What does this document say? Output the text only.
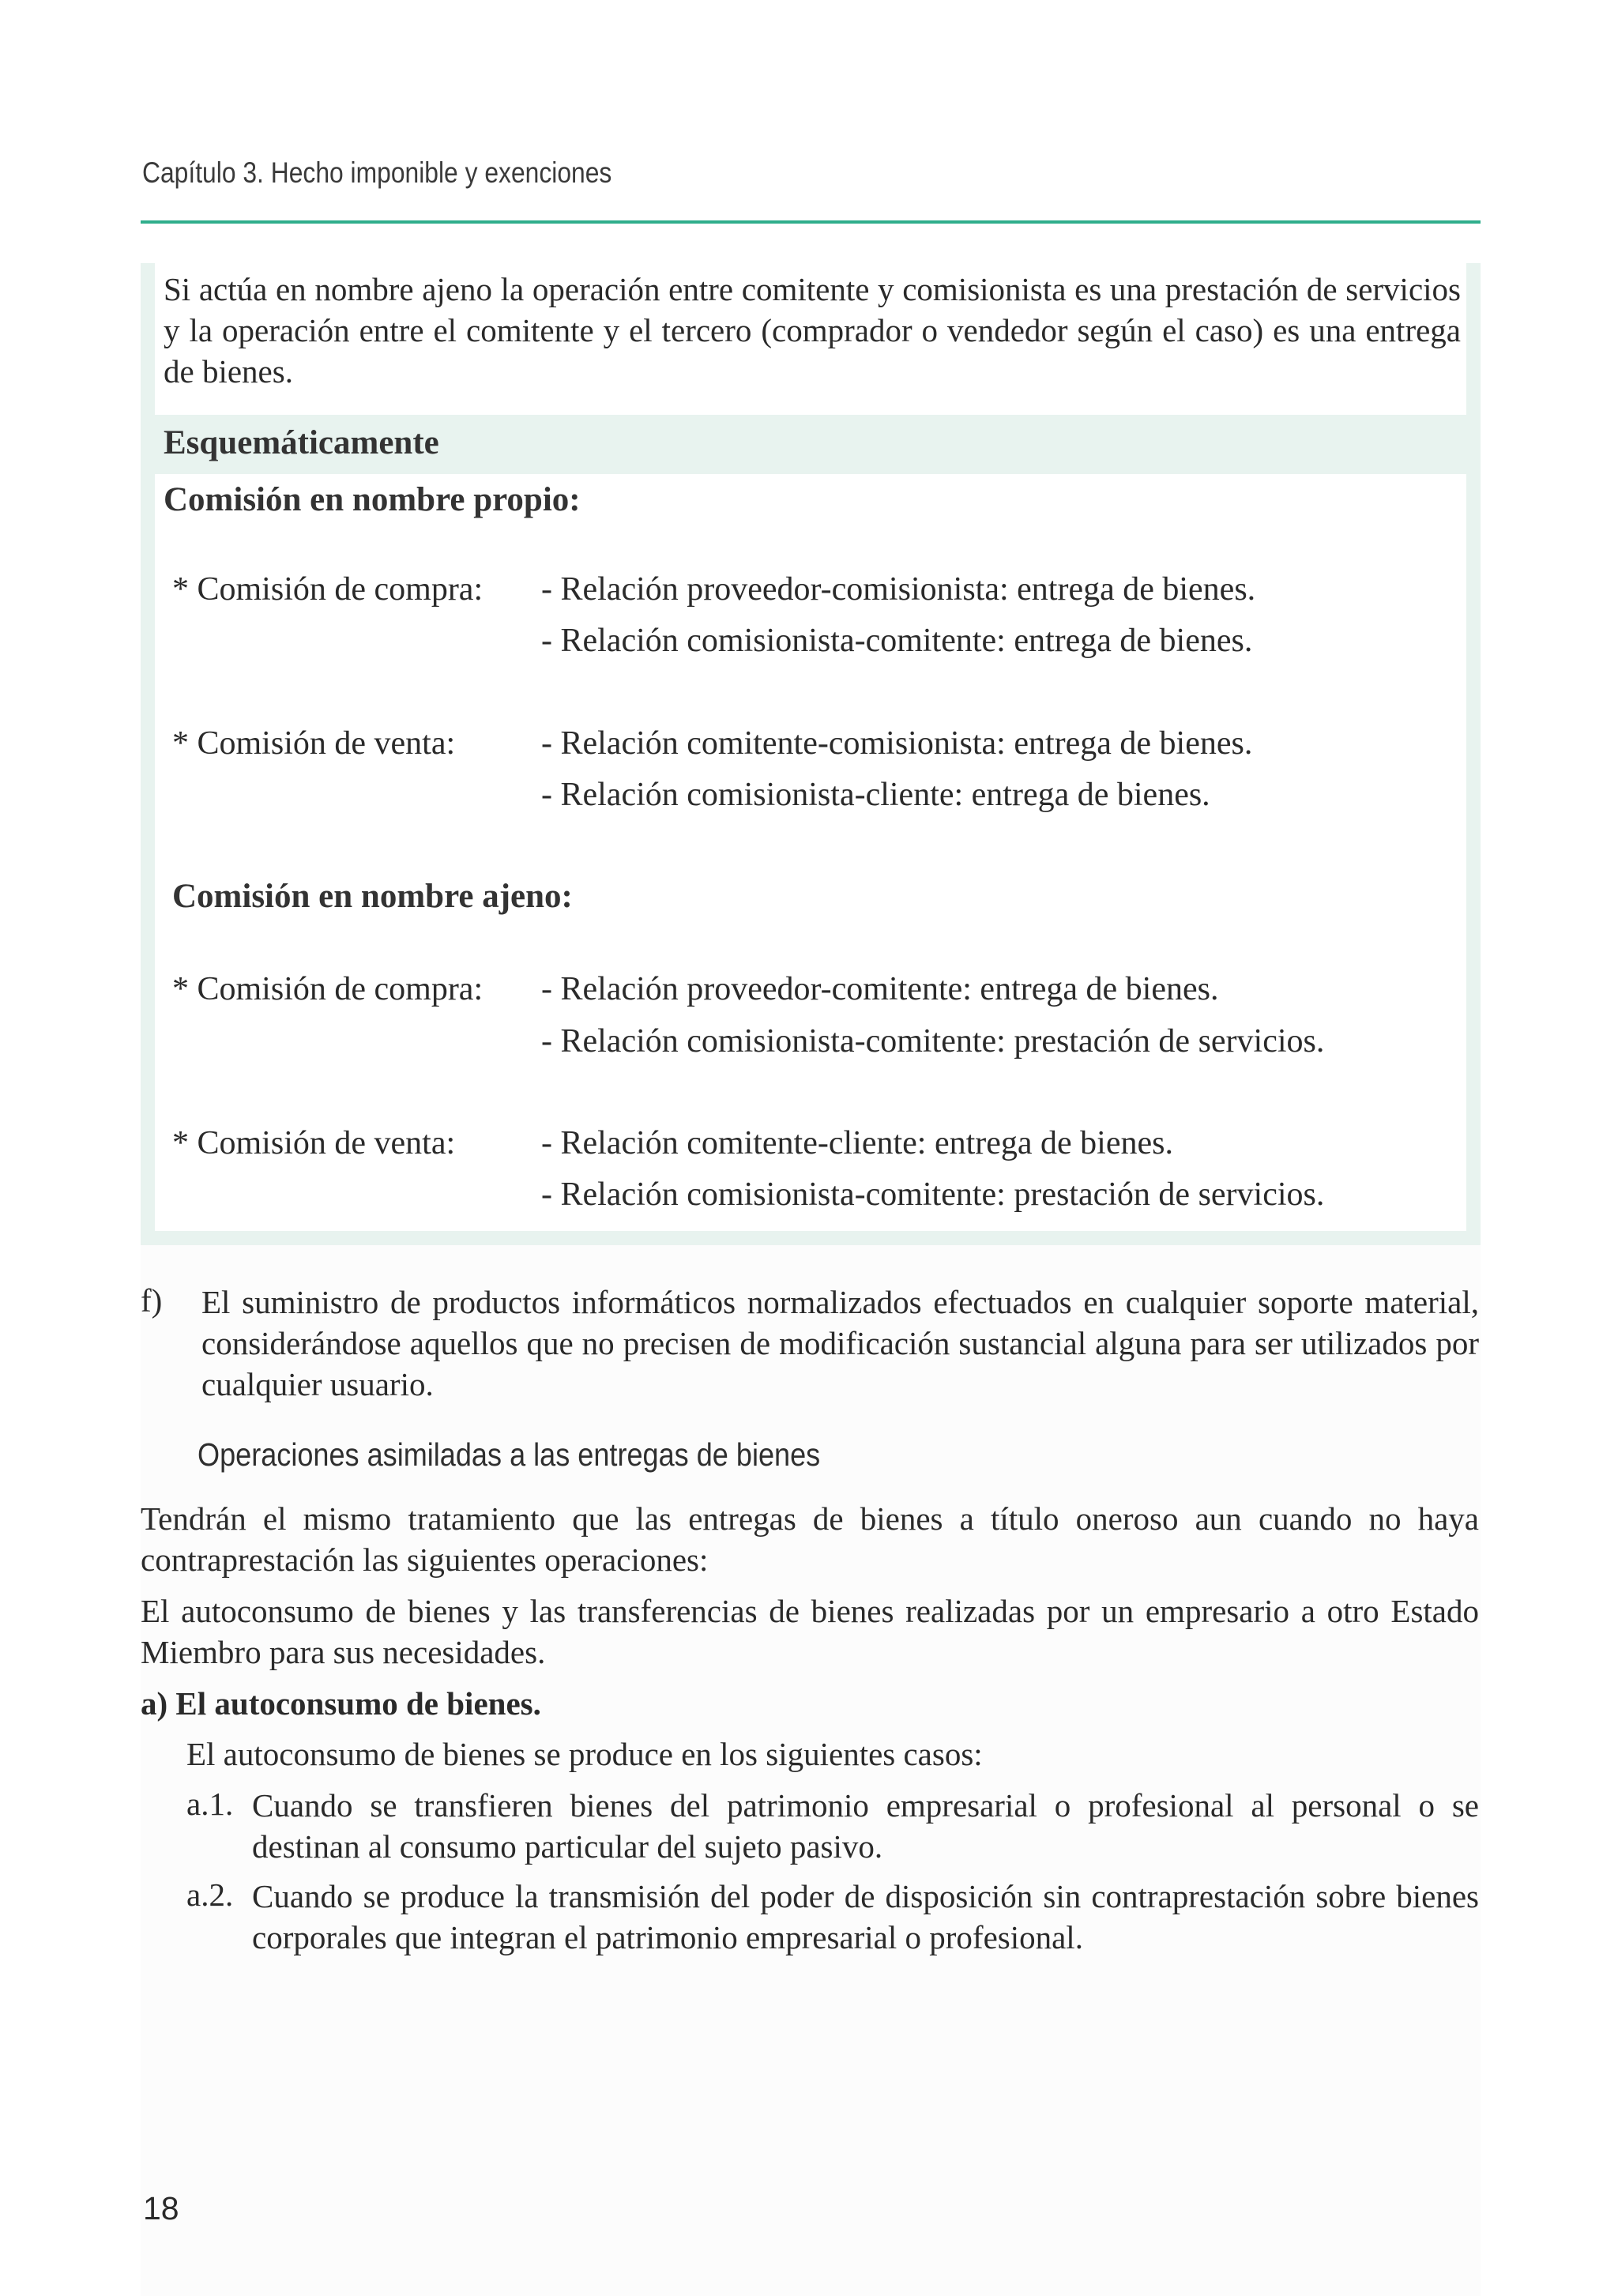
Capítulo 3. Hecho imponible y exenciones
Si actúa en nombre ajeno la operación entre comitente y comisionista es una prestación de servicios y la operación entre el comitente y el tercero (comprador o vendedor según el caso) es una entrega de bienes.
Esquemáticamente
Comisión en nombre propio:
* Comisión de compra: - Relación proveedor-comisionista: entrega de bienes.
- Relación comisionista-comitente: entrega de bienes.
* Comisión de venta:	- Relación comitente-comisionista: entrega de bienes.
- Relación comisionista-cliente: entrega de bienes.
Comisión en nombre ajeno:
* Comisión de compra: - Relación proveedor-comitente: entrega de bienes.
- Relación comisionista-comitente: prestación de servicios.
* Comisión de venta:	- Relación comitente-cliente: entrega de bienes.
- Relación comisionista-comitente: prestación de servicios.
f) El suministro de productos informáticos normalizados efectuados en cualquier soporte material, considerándose aquellos que no precisen de modificación sustancial alguna para ser utilizados por cualquier usuario.
Operaciones asimiladas a las entregas de bienes
Tendrán el mismo tratamiento que las entregas de bienes a título oneroso aun cuando no haya contraprestación las siguientes operaciones:
El autoconsumo de bienes y las transferencias de bienes realizadas por un empresario a otro Estado Miembro para sus necesidades.
a) El autoconsumo de bienes.
El autoconsumo de bienes se produce en los siguientes casos:
a.1. Cuando se transfieren bienes del patrimonio empresarial o profesional al personal o se destinan al consumo particular del sujeto pasivo.
a.2. Cuando se produce la transmisión del poder de disposición sin contraprestación sobre bienes corporales que integran el patrimonio empresarial o profesional.
18
